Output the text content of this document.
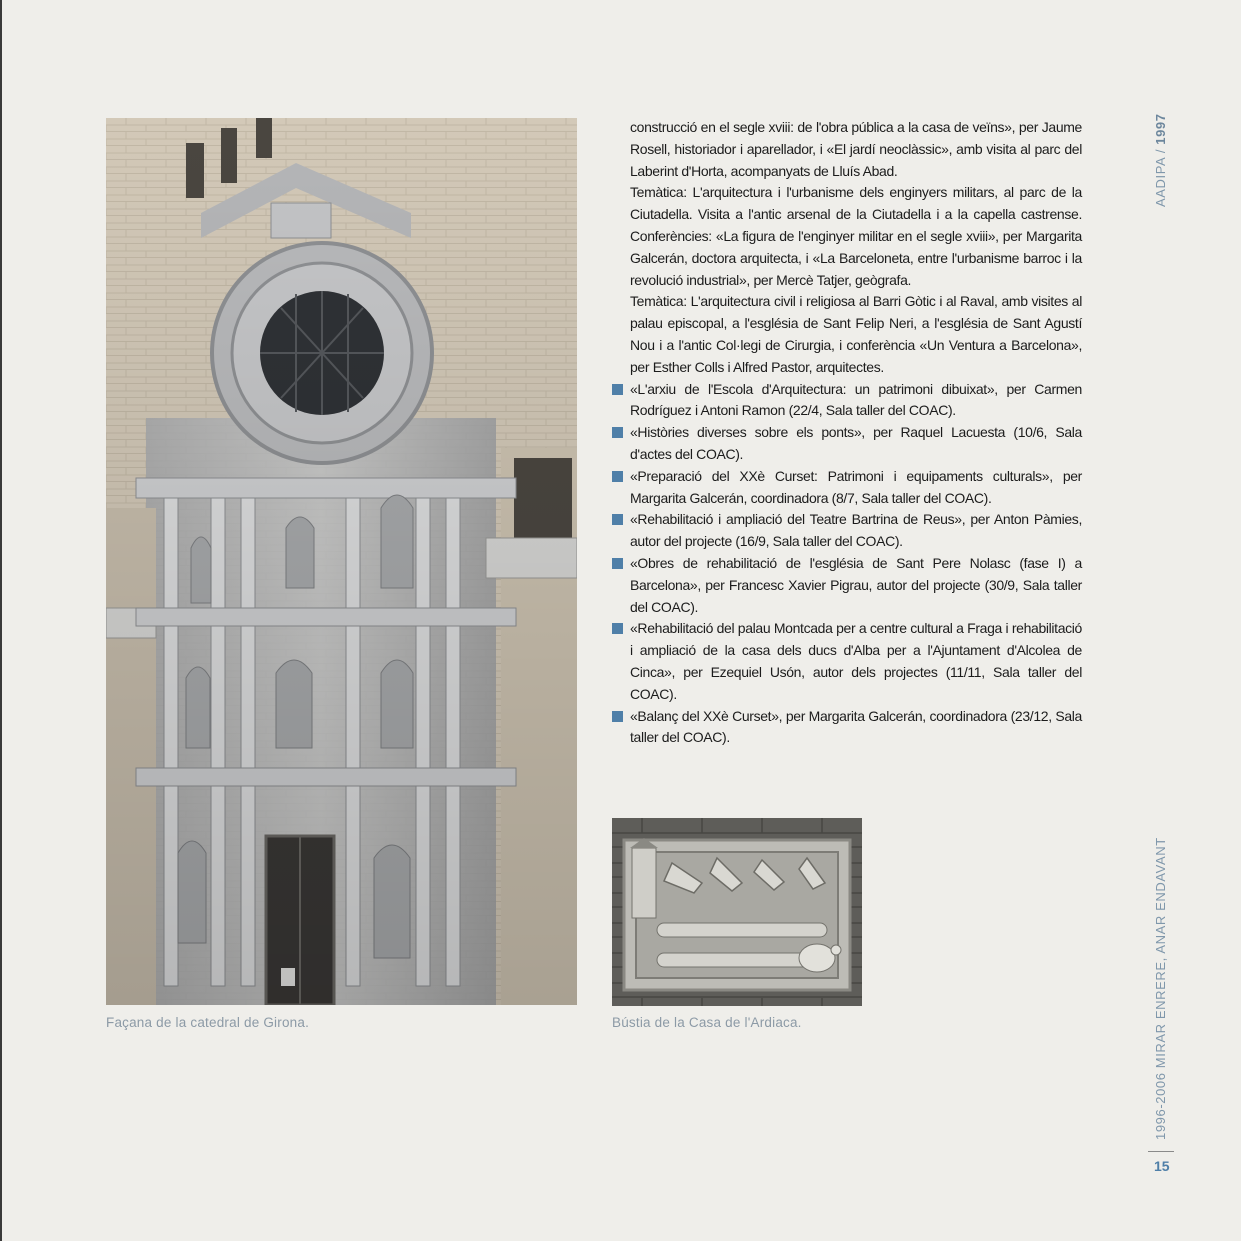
Façana de la catedral de Girona.	Bústia de la Casa de l'Ardiaca.

construcció en el segle xviii: de l'obra pública a la casa de veïns», per Jaume Rosell, historiador i aparellador, i «El jardí neoclàssic», amb visita al parc del Laberint d'Horta, acompanyats de Lluís Abad.

Temàtica: L'arquitectura i l'urbanisme dels enginyers militars, al parc de la Ciutadella. Visita a l'antic arsenal de la Ciutadella i a la capella castrense. Conferències: «La figura de l'enginyer militar en el segle xviii», per Margarita Galcerán, doctora arquitecta, i «La Barceloneta, entre l'urbanisme barroc i la revolució industrial», per Mercè Tatjer, geògrafa.

Temàtica: L'arquitectura civil i religiosa al Barri Gòtic i al Raval, amb visites al palau episcopal, a l'església de Sant Felip Neri, a l'església de Sant Agustí Nou i a l'antic Col·legi de Cirurgia, i conferència «Un Ventura a Barcelona», per Esther Colls i Alfred Pastor, arquitectes.

«L'arxiu de l'Escola d'Arquitectura: un patrimoni dibuixat», per Carmen Rodríguez i Antoni Ramon (22/4, Sala taller del COAC).
«Històries diverses sobre els ponts», per Raquel Lacuesta (10/6, Sala d'actes del COAC).
«Preparació del XXè Curset: Patrimoni i equipaments culturals», per Margarita Galcerán, coordinadora (8/7, Sala taller del COAC).
«Rehabilitació i ampliació del Teatre Bartrina de Reus», per Anton Pàmies, autor del projecte (16/9, Sala taller del COAC).
«Obres de rehabilitació de l'església de Sant Pere Nolasc (fase I) a Barcelona», per Francesc Xavier Pigrau, autor del projecte (30/9, Sala taller del COAC).
«Rehabilitació del palau Montcada per a centre cultural a Fraga i rehabilitació i ampliació de la casa dels ducs d'Alba per a l'Ajuntament d'Alcolea de Cinca», per Ezequiel Usón, autor dels projectes (11/11, Sala taller del COAC).
«Balanç del XXè Curset», per Margarita Galcerán, coordinadora (23/12, Sala taller del COAC).
AADIPA / 1997
1996-2006 MIRAR ENRERE, ANAR ENDAVANT
15
